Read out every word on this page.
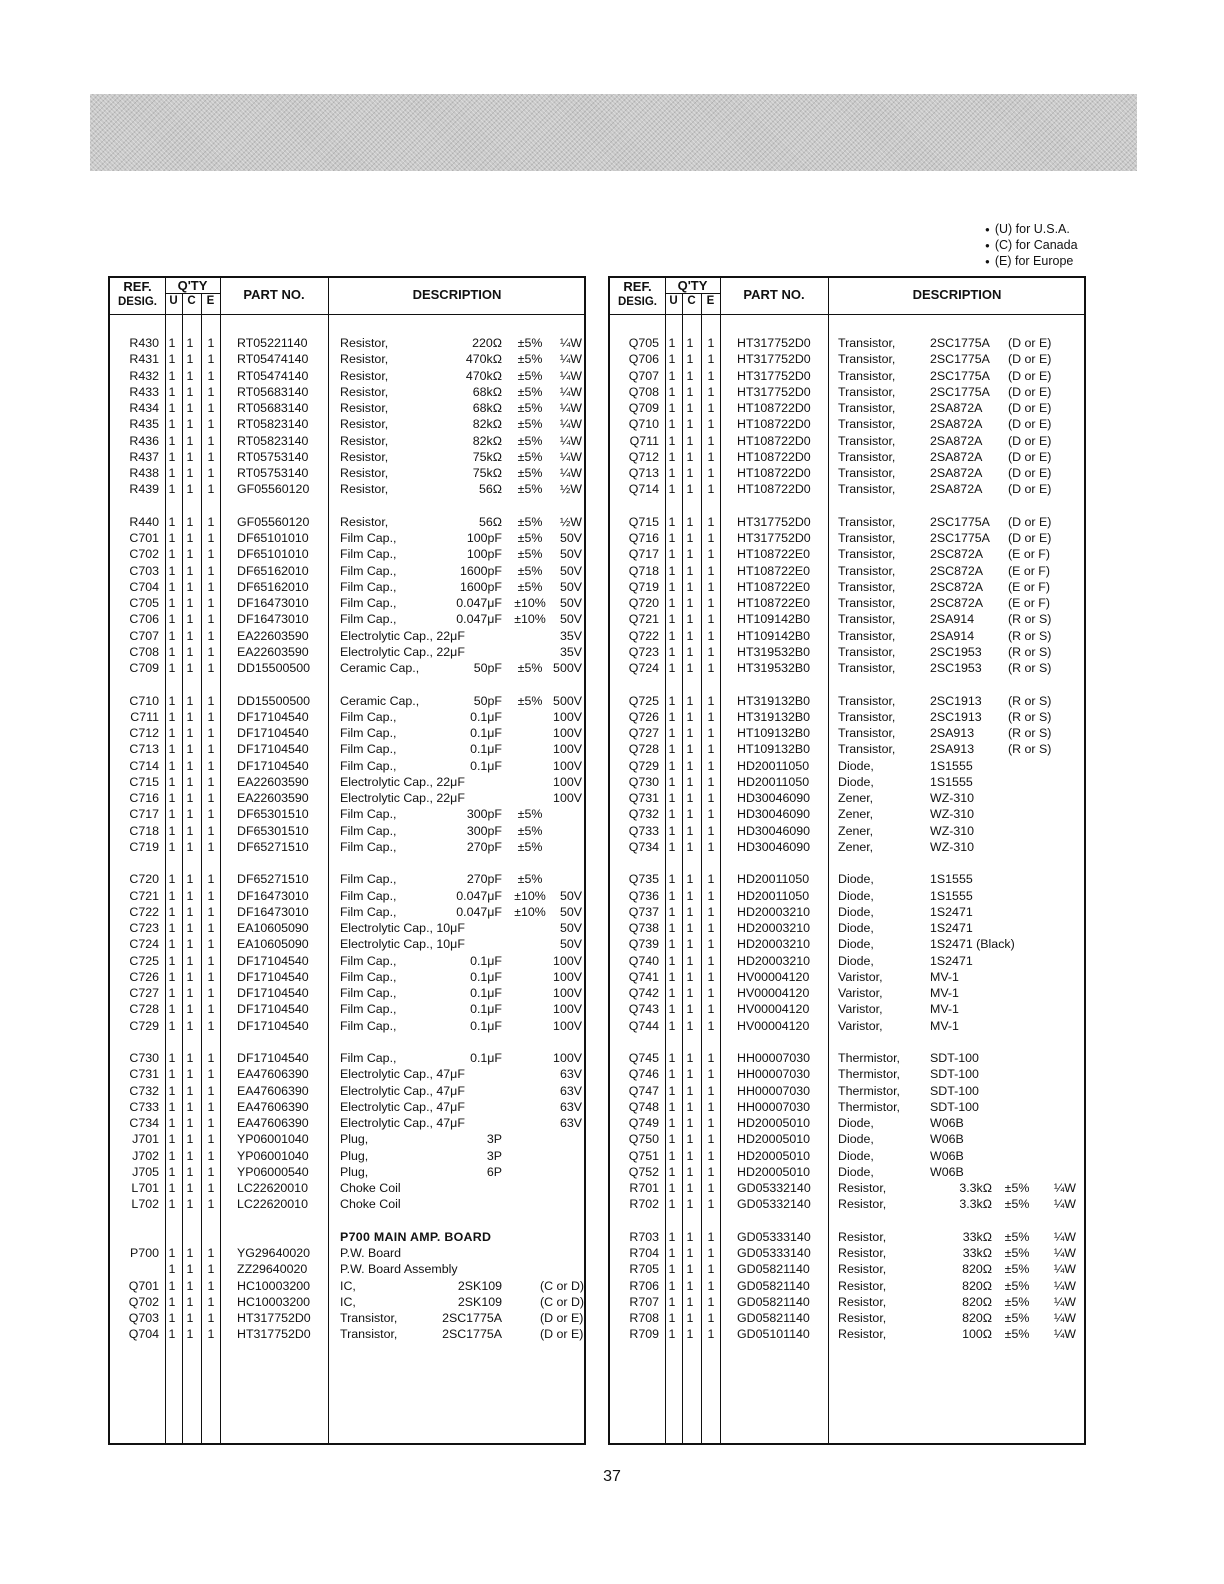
● (U) for U.S.A.
● (C) for Canada
● (E) for Europe
REF.
DESIG.
Q'TY
U C E	PART NO.	DESCRIPTION
R430 1 1 1 RT05221140	Resistor,	220Ω	±5%	¼W
R431 1 1 1 RT05474140	Resistor,	470kΩ	±5%	¼W
R432 1 1 1 RT05474140	Resistor,	470kΩ	±5%	¼W
R433 1 1 1 RT05683140	Resistor,	68kΩ	±5%	¼W
R434 1 1 1 RT05683140	Resistor,	68kΩ	±5%	¼W
R435 1 1 1 RT05823140	Resistor,	82kΩ	±5%	¼W
R436 1 1 1 RT05823140	Resistor,	82kΩ	±5%	¼W
R437 1 1 1 RT05753140	Resistor,	75kΩ	±5%	¼W
R438 1 1 1 RT05753140	Resistor,	75kΩ	±5%	¼W
R439 1 1 1 GF05560120 Resistor,	56Ω	±5%	½W
R440 1 1 1 GF05560120 Resistor,	56Ω	±5%	½W
C701 1 1 1 DF65101010	Film Cap.,	100pF	±5%	50V
C702 1 1 1 DF65101010	Film Cap.,	100pF	±5%	50V
C703 1 1 1 DF65162010	Film Cap.,	1600pF	±5%	50V
C704 1 1 1 DF65162010	Film Cap.,	1600pF	±5%	50V
C705 1 1 1 DF16473010	Film Cap.,	0.047μF ±10%	50V
C706 1 1 1 DF16473010	Film Cap.,	0.047μF ±10%	50V
C707 1 1 1 EA22603590	Electrolytic Cap., 22μF	35V
C708 1 1 1 EA22603590	Electrolytic Cap., 22μF	35V
C709 1 1 1 DD15500500 Ceramic Cap.,	50pF	±5% 500V
C710 1 1 1 DD15500500 Ceramic Cap.,	50pF	±5% 500V
C711 1 1 1 DF17104540	Film Cap.,	0.1μF	100V
C712 1 1 1 DF17104540	Film Cap.,	0.1μF	100V
C713 1 1 1 DF17104540	Film Cap.,	0.1μF	100V
C714 1 1 1 DF17104540	Film Cap.,	0.1μF	100V
C715 1 1 1 EA22603590	Electrolytic Cap., 22μF	100V
C716 1 1 1 EA22603590	Electrolytic Cap., 22μF	100V
C717 1 1 1 DF65301510	Film Cap.,	300pF	±5%
C718 1 1 1 DF65301510	Film Cap.,	300pF	±5%
C719 1 1 1 DF65271510	Film Cap.,	270pF	±5%
C720 1 1 1 DF65271510	Film Cap.,	270pF	±5%
C721 1 1 1 DF16473010	Film Cap.,	0.047μF ±10%	50V
C722 1 1 1 DF16473010	Film Cap.,	0.047μF ±10%	50V
C723 1 1 1 EA10605090	Electrolytic Cap., 10μF	50V
C724 1 1 1 EA10605090	Electrolytic Cap., 10μF	50V
C725 1 1 1 DF17104540	Film Cap.,	0.1μF	100V
C726 1 1 1 DF17104540	Film Cap.,	0.1μF	100V
C727 1 1 1 DF17104540	Film Cap.,	0.1μF	100V
C728 1 1 1 DF17104540	Film Cap.,	0.1μF	100V
C729 1 1 1 DF17104540	Film Cap.,	0.1μF	100V
C730 1 1 1 DF17104540	Film Cap.,	0.1μF	100V
C731 1 1 1 EA47606390	Electrolytic Cap., 47μF	63V
C732 1 1 1 EA47606390	Electrolytic Cap., 47μF	63V
C733 1 1 1 EA47606390	Electrolytic Cap., 47μF	63V
C734 1 1 1 EA47606390	Electrolytic Cap., 47μF	63V
J701 1 1 1 YP06001040	Plug,	3P
J702 1 1 1 YP06001040	Plug,	3P
J705 1 1 1 YP06000540	Plug,	6P
L701 1 1 1 LC22620010	Choke Coil
L702 1 1 1 LC22620010	Choke Coil
P700 MAIN AMP. BOARD
P700 1 1 1 YG29640020 P.W. Board
1 1 1 ZZ29640020	P.W. Board Assembly
Q701 1 1 1 HC10003200 IC,	2SK109	(C or D)
Q702 1 1 1 HC10003200 IC,	2SK109	(C or D)
Q703 1 1 1 HT317752D0 Transistor,	2SC1775A	(D or E)
Q704 1 1 1 HT317752D0 Transistor,	2SC1775A	(D or E)
REF.
DESIG.
Q'TY
U C E	PART NO.	DESCRIPTION
Q705 1 1 1 HT317752D0 Transistor,	2SC1775A (D or E)
Q706 1 1 1 HT317752D0 Transistor,	2SC1775A (D or E)
Q707 1 1 1 HT317752D0 Transistor,	2SC1775A (D or E)
Q708 1 1 1 HT317752D0 Transistor,	2SC1775A (D or E)
Q709 1 1 1 HT108722D0 Transistor,	2SA872A (D or E)
Q710 1 1 1 HT108722D0 Transistor,	2SA872A (D or E)
Q711 1 1 1 HT108722D0 Transistor,	2SA872A (D or E)
Q712 1 1 1 HT108722D0 Transistor,	2SA872A (D or E)
Q713 1 1 1 HT108722D0 Transistor,	2SA872A (D or E)
Q714 1 1 1 HT108722D0 Transistor,	2SA872A (D or E)
Q715 1 1 1 HT317752D0 Transistor,	2SC1775A (D or E)
Q716 1 1 1 HT317752D0 Transistor,	2SC1775A (D or E)
Q717 1 1 1 HT108722E0 Transistor,	2SC872A (E or F)
Q718 1 1 1 HT108722E0 Transistor,	2SC872A (E or F)
Q719 1 1 1 HT108722E0 Transistor,	2SC872A (E or F)
Q720 1 1 1 HT108722E0 Transistor,	2SC872A (E or F)
Q721 1 1 1 HT109142B0 Transistor,	2SA914	(R or S)
Q722 1 1 1 HT109142B0 Transistor,	2SA914	(R or S)
Q723 1 1 1 HT319532B0 Transistor,	2SC1953 (R or S)
Q724 1 1 1 HT319532B0 Transistor,	2SC1953 (R or S)
Q725 1 1 1 HT319132B0 Transistor,	2SC1913 (R or S)
Q726 1 1 1 HT319132B0 Transistor,	2SC1913 (R or S)
Q727 1 1 1 HT109132B0 Transistor,	2SA913	(R or S)
Q728 1 1 1 HT109132B0 Transistor,	2SA913	(R or S)
Q729 1 1 1 HD20011050 Diode,	1S1555
Q730 1 1 1 HD20011050 Diode,	1S1555
Q731 1 1 1 HD30046090 Zener,	WZ-310
Q732 1 1 1 HD30046090 Zener,	WZ-310
Q733 1 1 1 HD30046090 Zener,	WZ-310
Q734 1 1 1 HD30046090 Zener,	WZ-310
Q735 1 1 1 HD20011050 Diode,	1S1555
Q736 1 1 1 HD20011050 Diode,	1S1555
Q737 1 1 1 HD20003210 Diode,	1S2471
Q738 1 1 1 HD20003210 Diode,	1S2471
Q739 1 1 1 HD20003210 Diode,	1S2471 (Black)
Q740 1 1 1 HD20003210 Diode,	1S2471
Q741 1 1 1 HV00004120 Varistor,	MV-1
Q742 1 1 1 HV00004120 Varistor,	MV-1
Q743 1 1 1 HV00004120 Varistor,	MV-1
Q744 1 1 1 HV00004120 Varistor,	MV-1
Q745 1 1 1 HH00007030 Thermistor, SDT-100
Q746 1 1 1 HH00007030 Thermistor, SDT-100
Q747 1 1 1 HH00007030 Thermistor, SDT-100
Q748 1 1 1 HH00007030 Thermistor, SDT-100
Q749 1 1 1 HD20005010 Diode,	W06B
Q750 1 1 1 HD20005010 Diode,	W06B
Q751 1 1 1 HD20005010 Diode,	W06B
Q752 1 1 1 HD20005010 Diode,	W06B
R701 1 1 1 GD05332140 Resistor,	3.3kΩ	±5%	¼W
R702 1 1 1 GD05332140 Resistor,	3.3kΩ	±5%	¼W
R703 1 1 1 GD05333140 Resistor,	33kΩ	±5%	¼W
R704 1 1 1 GD05333140 Resistor,	33kΩ	±5%	¼W
R705 1 1 1 GD05821140 Resistor,	820Ω	±5%	¼W
R706 1 1 1 GD05821140 Resistor,	820Ω	±5%	¼W
R707 1 1 1 GD05821140 Resistor,	820Ω	±5%	¼W
R708 1 1 1 GD05821140 Resistor,	820Ω	±5%	¼W
R709 1 1 1 GD05101140 Resistor,	100Ω	±5%	¼W
37
